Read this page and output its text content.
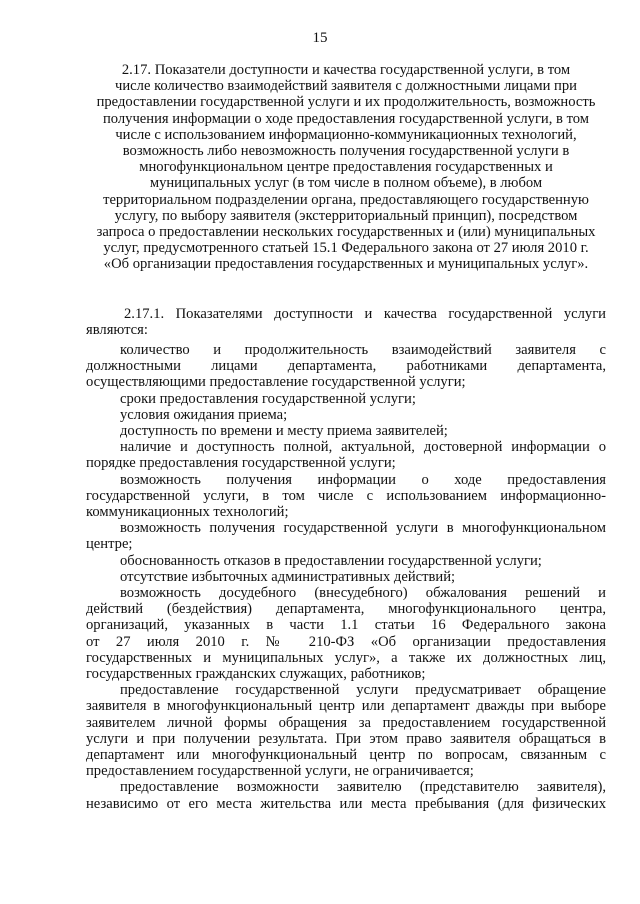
15
2.17. Показатели доступности и качества государственной услуги, в том
числе количество взаимодействий заявителя с должностными лицами при
предоставлении государственной услуги и их продолжительность, возможность
получения информации о ходе предоставления государственной услуги, в том
числе с использованием информационно-коммуникационных технологий,
возможность либо невозможность получения государственной услуги в
многофункциональном центре предоставления государственных и
муниципальных услуг (в том числе в полном объеме), в любом
территориальном подразделении органа, предоставляющего государственную
услугу, по выбору заявителя (экстерриториальный принцип), посредством
запроса о предоставлении нескольких государственных и (или) муниципальных
услуг, предусмотренного статьей 15.1 Федерального закона от 27 июля 2010 г.
«Об организации предоставления государственных и муниципальных услуг».
2.17.1. Показателями доступности и качества государственной услуги
являются:
количество и продолжительность взаимодействий заявителя с
должностными лицами департамента, работниками департамента,
осуществляющими предоставление государственной услуги;
сроки предоставления государственной услуги;
условия ожидания приема;
доступность по времени и месту приема заявителей;
наличие и доступность полной, актуальной, достоверной информации о
порядке предоставления государственной услуги;
возможность получения информации о ходе предоставления
государственной услуги, в том числе с использованием информационно-
коммуникационных технологий;
возможность получения государственной услуги в многофункциональном
центре;
обоснованность отказов в предоставлении государственной услуги;
отсутствие избыточных административных действий;
возможность досудебного (внесудебного) обжалования решений и
действий (бездействия) департамента, многофункционального центра,
организаций, указанных в части 1.1 статьи 16 Федерального закона
от 27 июля 2010 г. № 210-ФЗ «Об организации предоставления
государственных и муниципальных услуг», а также их должностных лиц,
государственных гражданских служащих, работников;
предоставление государственной услуги предусматривает обращение
заявителя в многофункциональный центр или департамент дважды при выборе
заявителем личной формы обращения за предоставлением государственной
услуги и при получении результата. При этом право заявителя обращаться в
департамент или многофункциональный центр по вопросам, связанным с
предоставлением государственной услуги, не ограничивается;
предоставление возможности заявителю (представителю заявителя),
независимо от его места жительства или места пребывания (для физических
